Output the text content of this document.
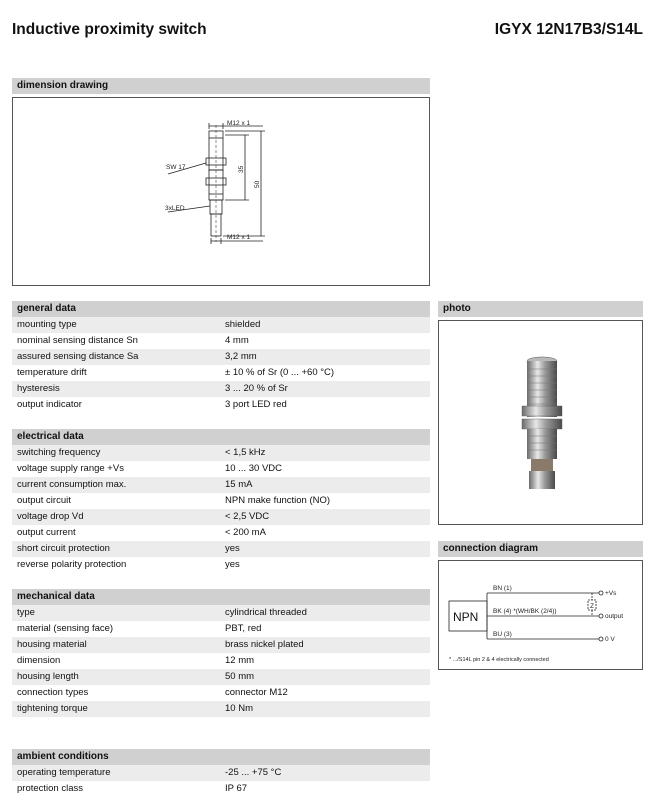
Inductive proximity switch	IGYX 12N17B3/S14L
dimension drawing
M12 x 1
M12 x 1
SW 17
3xLED
35
50
general data
mounting type	shielded
nominal sensing distance Sn	4 mm
assured sensing distance Sa	3,2 mm
temperature drift	± 10 % of Sr (0 ... +60 °C)
hysteresis	3 ... 20 % of Sr
output indicator	3 port LED red
electrical data
switching frequency	< 1,5 kHz
voltage supply range +Vs	10 ... 30 VDC
current consumption max.	15 mA
output circuit	NPN make function (NO)
voltage drop Vd	< 2,5 VDC
output current	< 200 mA
short circuit protection	yes
reverse polarity protection	yes
mechanical data
type	cylindrical threaded
material (sensing face)	PBT, red
housing material	brass nickel plated
dimension	12 mm
housing length	50 mm
connection types	connector M12
tightening torque	10 Nm
ambient conditions
operating temperature	-25 ... +75 °C
protection class	IP 67
photo
connection diagram
NPN
BN (1)
BK (4) *(WH/BK (2/4))
BU (3)
Z
+Vs
output
0 V
* .../S14L pin 2 & 4 electrically connected
